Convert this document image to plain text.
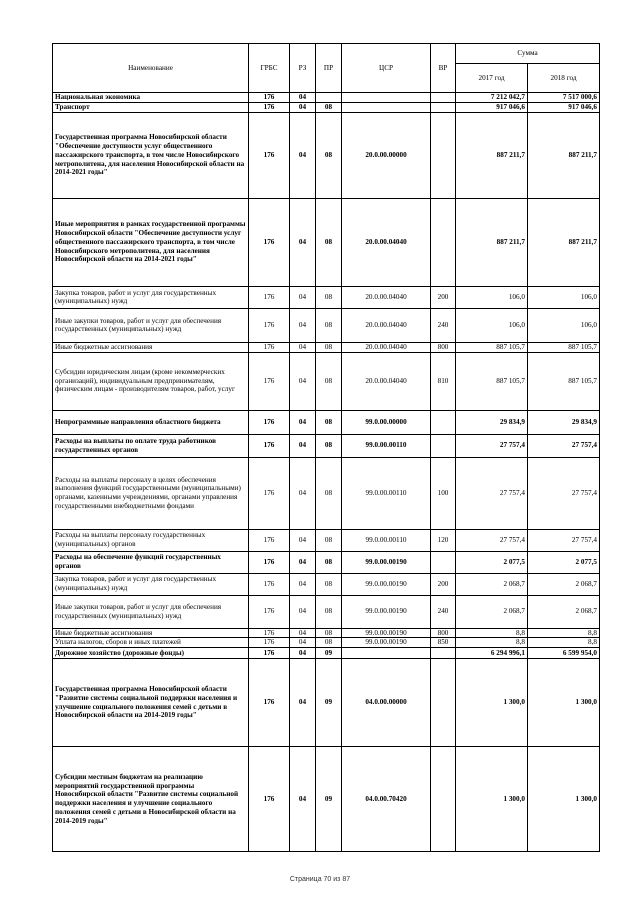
Наименование	ГРБС	РЗ	ПР	ЦСР	ВР	Сумма	
						2017 год	2018 год
Национальная экономика	176	04				7 212 042,7	7 517 000,6
Транспорт	176	04	08			917 046,6	917 046,6
Государственная программа Новосибирской области "Обеспечение доступности услуг общественного пассажирского транспорта, в том числе Новосибирского метрополитена, для населения Новосибирской области на 2014-2021 годы"	176	04	08	20.0.00.00000		887 211,7	887 211,7
Иные мероприятия в рамках государственной программы Новосибирской области "Обеспечение доступности услуг общественного пассажирского транспорта, в том числе Новосибирского метрополитена, для населения Новосибирской области на 2014-2021 годы"	176	04	08	20.0.00.04040		887 211,7	887 211,7
Закупка товаров, работ и услуг для государственных (муниципальных) нужд	176	04	08	20.0.00.04040	200	106,0	106,0
Иные закупки товаров, работ и услуг для обеспечения государственных (муниципальных) нужд	176	04	08	20.0.00.04040	240	106,0	106,0
Иные бюджетные ассигнования	176	04	08	20.0.00.04040	800	887 105,7	887 105,7
Субсидии юридическим лицам (кроме некоммерческих организаций), индивидуальным предпринимателям, физическим лицам - производителям товаров, работ, услуг	176	04	08	20.0.00.04040	810	887 105,7	887 105,7
Непрограммные направления областного бюджета	176	04	08	99.0.00.00000		29 834,9	29 834,9
Расходы на выплаты по оплате труда работников государственных органов	176	04	08	99.0.00.00110		27 757,4	27 757,4
Расходы на выплаты персоналу в целях обеспечения выполнения функций государственными (муниципальными) органами, казенными учреждениями, органами управления государственными внебюджетными фондами	176	04	08	99.0.00.00110	100	27 757,4	27 757,4
Расходы на выплаты персоналу государственных (муниципальных) органов	176	04	08	99.0.00.00110	120	27 757,4	27 757,4
Расходы на обеспечение функций государственных органов	176	04	08	99.0.00.00190		2 077,5	2 077,5
Закупка товаров, работ и услуг для государственных (муниципальных) нужд	176	04	08	99.0.00.00190	200	2 068,7	2 068,7
Иные закупки товаров, работ и услуг для обеспечения государственных (муниципальных) нужд	176	04	08	99.0.00.00190	240	2 068,7	2 068,7
Иные бюджетные ассигнования	176	04	08	99.0.00.00190	800	8,8	8,8
Уплата налогов, сборов и иных платежей	176	04	08	99.0.00.00190	850	8,8	8,8
Дорожное хозяйство (дорожные фонды)	176	04	09			6 294 996,1	6 599 954,0
Государственная программа Новосибирской области "Развитие системы социальной поддержки населения и улучшение социального положения семей с детьми в Новосибирской области на 2014-2019 годы"	176	04	09	04.0.00.00000		1 300,0	1 300,0
Субсидии местным бюджетам на реализацию мероприятий государственной программы Новосибирской области "Развитие системы социальной поддержки населения и улучшение социального положения семей с детьми в Новосибирской области на 2014-2019 годы"	176	04	09	04.0.00.70420		1 300,0	1 300,0
Страница 70 из 87
